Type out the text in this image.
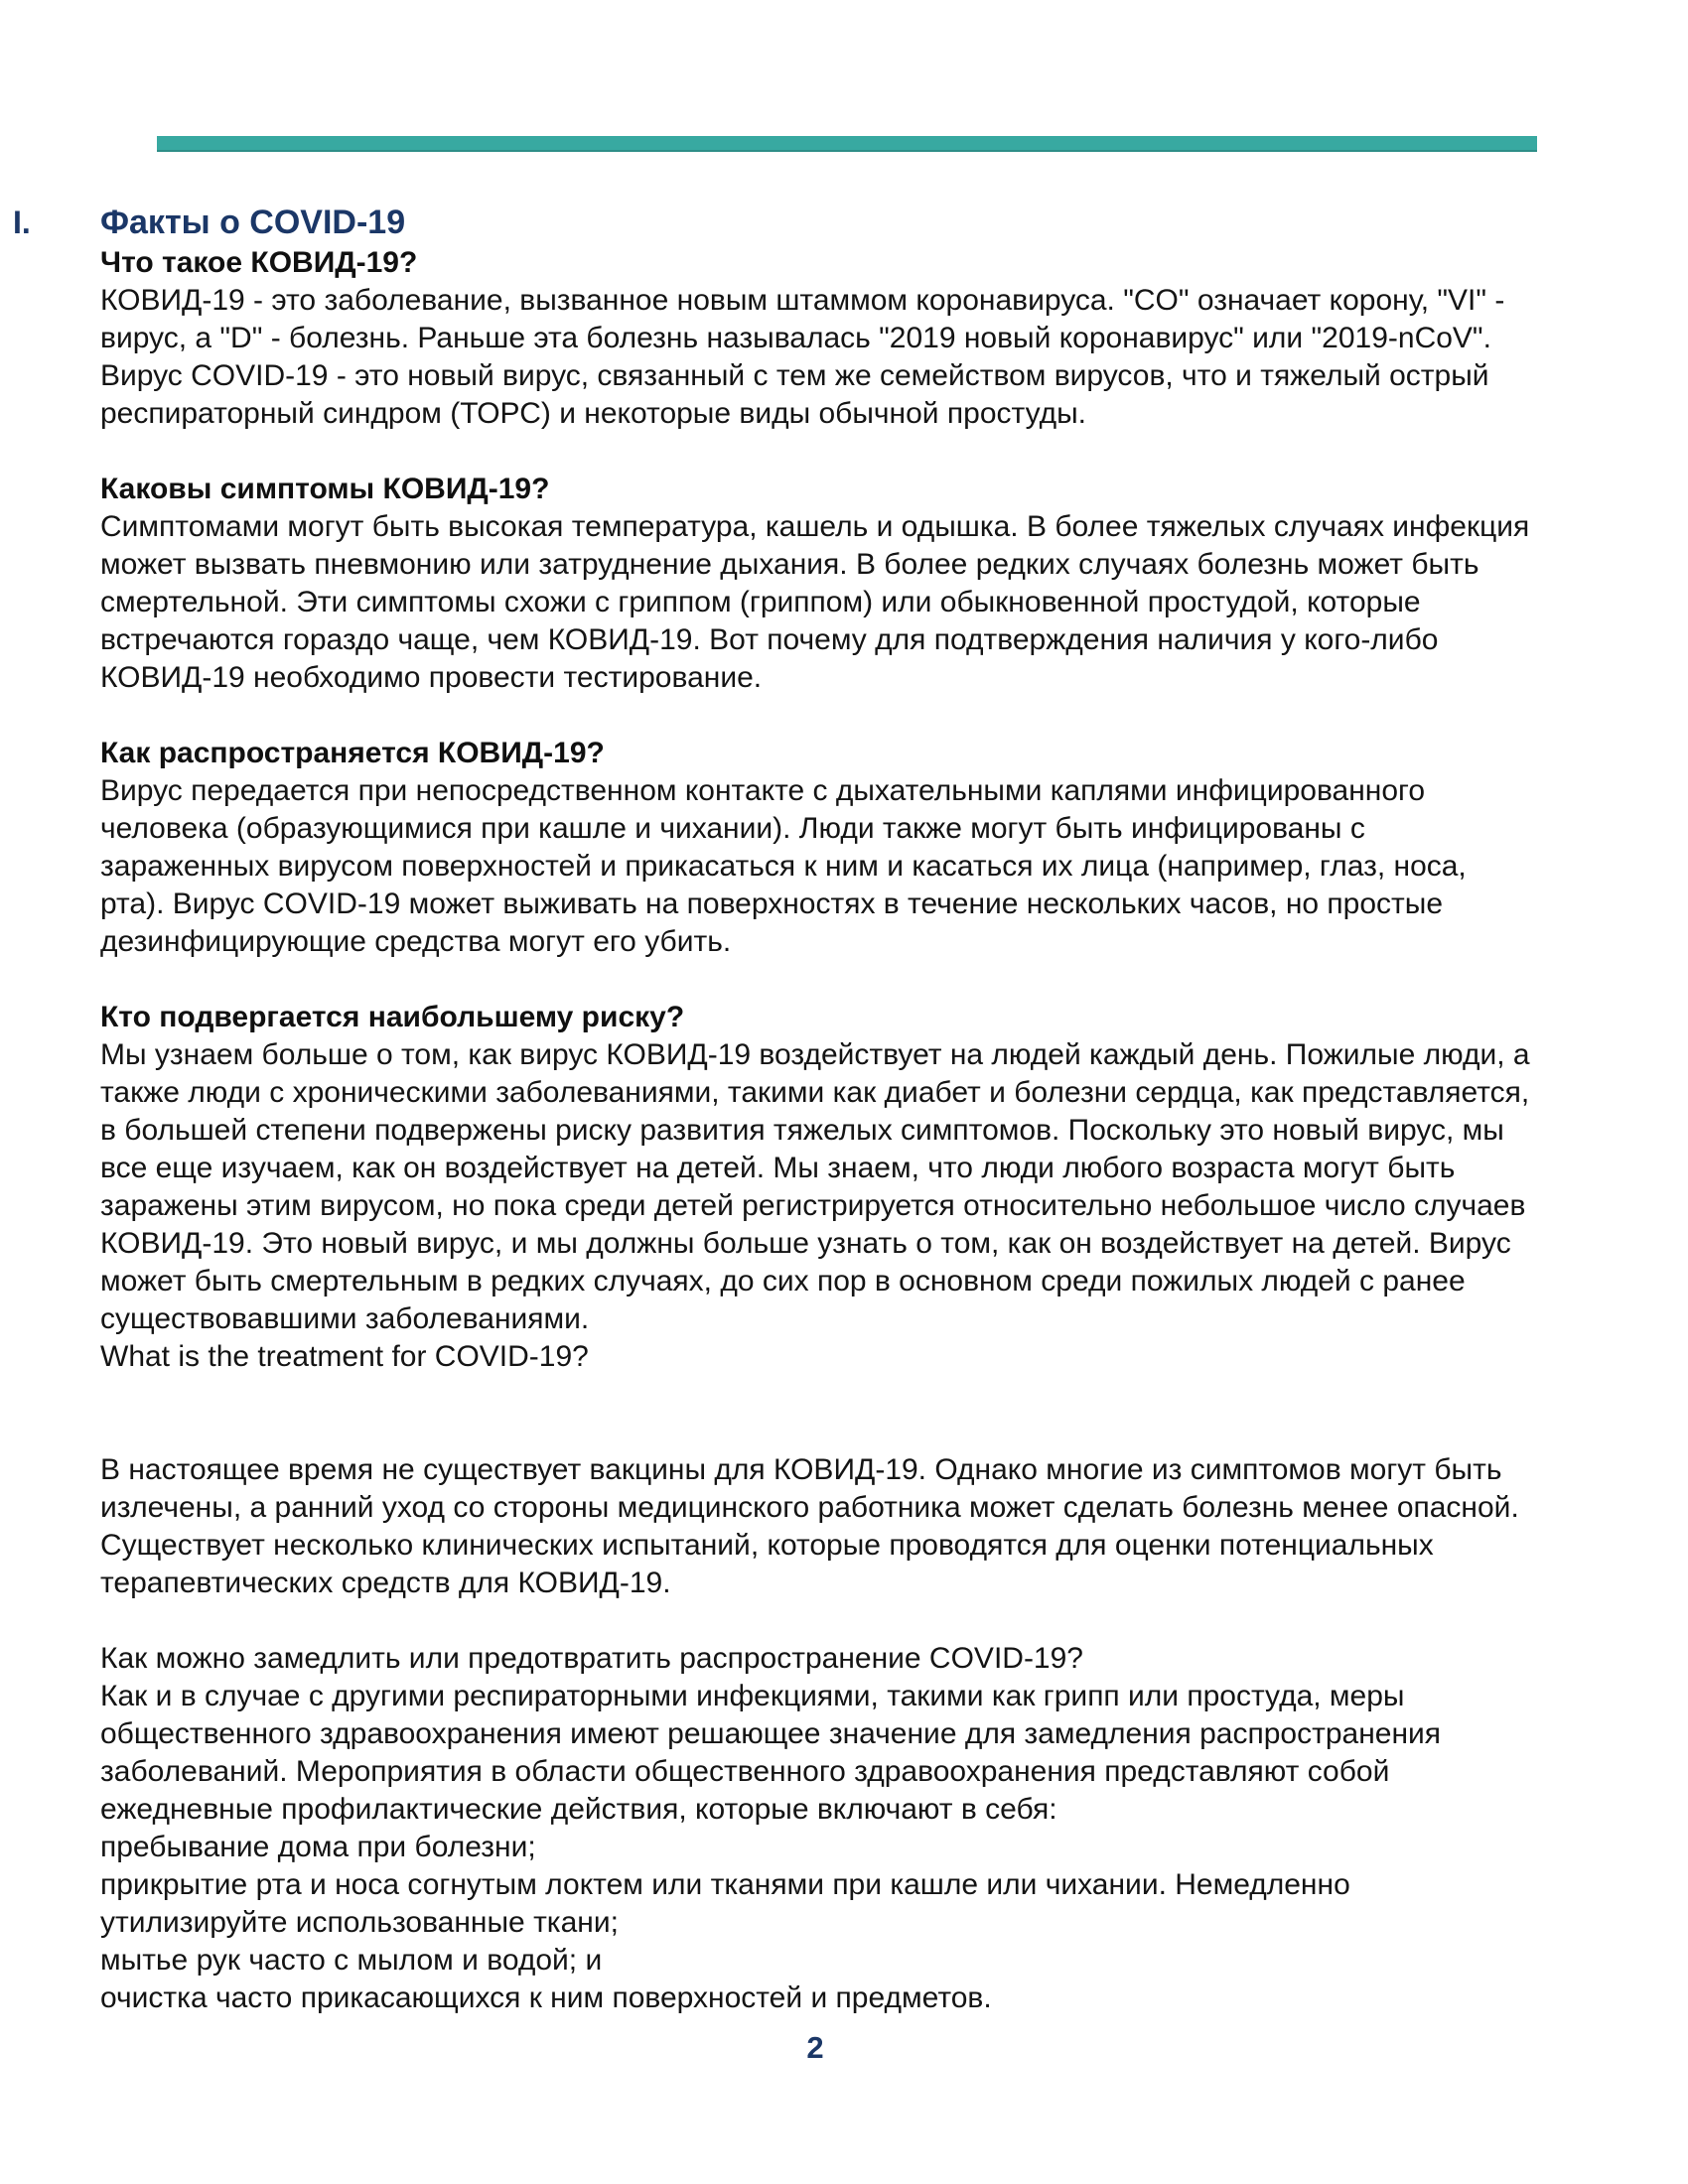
I. Факты о COVID-19
Что такое КОВИД-19?

КОВИД-19 - это заболевание, вызванное новым штаммом коронавируса. "CO" означает корону, "VI" - вирус, а "D" - болезнь. Раньше эта болезнь называлась "2019 новый коронавирус" или "2019-nCoV".

Вирус COVID-19 - это новый вирус, связанный с тем же семейством вирусов, что и тяжелый острый респираторный синдром (ТОРС) и некоторые виды обычной простуды.

Каковы симптомы КОВИД-19?

Симптомами могут быть высокая температура, кашель и одышка. В более тяжелых случаях инфекция может вызвать пневмонию или затруднение дыхания. В более редких случаях болезнь может быть смертельной. Эти симптомы схожи с гриппом (гриппом) или обыкновенной простудой, которые встречаются гораздо чаще, чем КОВИД-19. Вот почему для подтверждения наличия у кого-либо КОВИД-19 необходимо провести тестирование.

Как распространяется КОВИД-19?

Вирус передается при непосредственном контакте с дыхательными каплями инфицированного человека (образующимися при кашле и чихании). Люди также могут быть инфицированы с зараженных вирусом поверхностей и прикасаться к ним и касаться их лица (например, глаз, носа, рта). Вирус COVID-19 может выживать на поверхностях в течение нескольких часов, но простые дезинфицирующие средства могут его убить.

Кто подвергается наибольшему риску?

Мы узнаем больше о том, как вирус КОВИД-19 воздействует на людей каждый день. Пожилые люди, а также люди с хроническими заболеваниями, такими как диабет и болезни сердца, как представляется, в большей степени подвержены риску развития тяжелых симптомов. Поскольку это новый вирус, мы все еще изучаем, как он воздействует на детей. Мы знаем, что люди любого возраста могут быть заражены этим вирусом, но пока среди детей регистрируется относительно небольшое число случаев КОВИД-19. Это новый вирус, и мы должны больше узнать о том, как он воздействует на детей. Вирус может быть смертельным в редких случаях, до сих пор в основном среди пожилых людей с ранее существовавшими заболеваниями.

What is the treatment for COVID-19?

В настоящее время не существует вакцины для КОВИД-19. Однако многие из симптомов могут быть излечены, а ранний уход со стороны медицинского работника может сделать болезнь менее опасной. Существует несколько клинических испытаний, которые проводятся для оценки потенциальных терапевтических средств для КОВИД-19.

Как можно замедлить или предотвратить распространение COVID-19?

Как и в случае с другими респираторными инфекциями, такими как грипп или простуда, меры общественного здравоохранения имеют решающее значение для замедления распространения заболеваний. Мероприятия в области общественного здравоохранения представляют собой ежедневные профилактические действия, которые включают в себя:

пребывание дома при болезни;

прикрытие рта и носа согнутым локтем или тканями при кашле или чихании. Немедленно утилизируйте использованные ткани;

мытье рук часто с мылом и водой; и

очистка часто прикасающихся к ним поверхностей и предметов.

2
